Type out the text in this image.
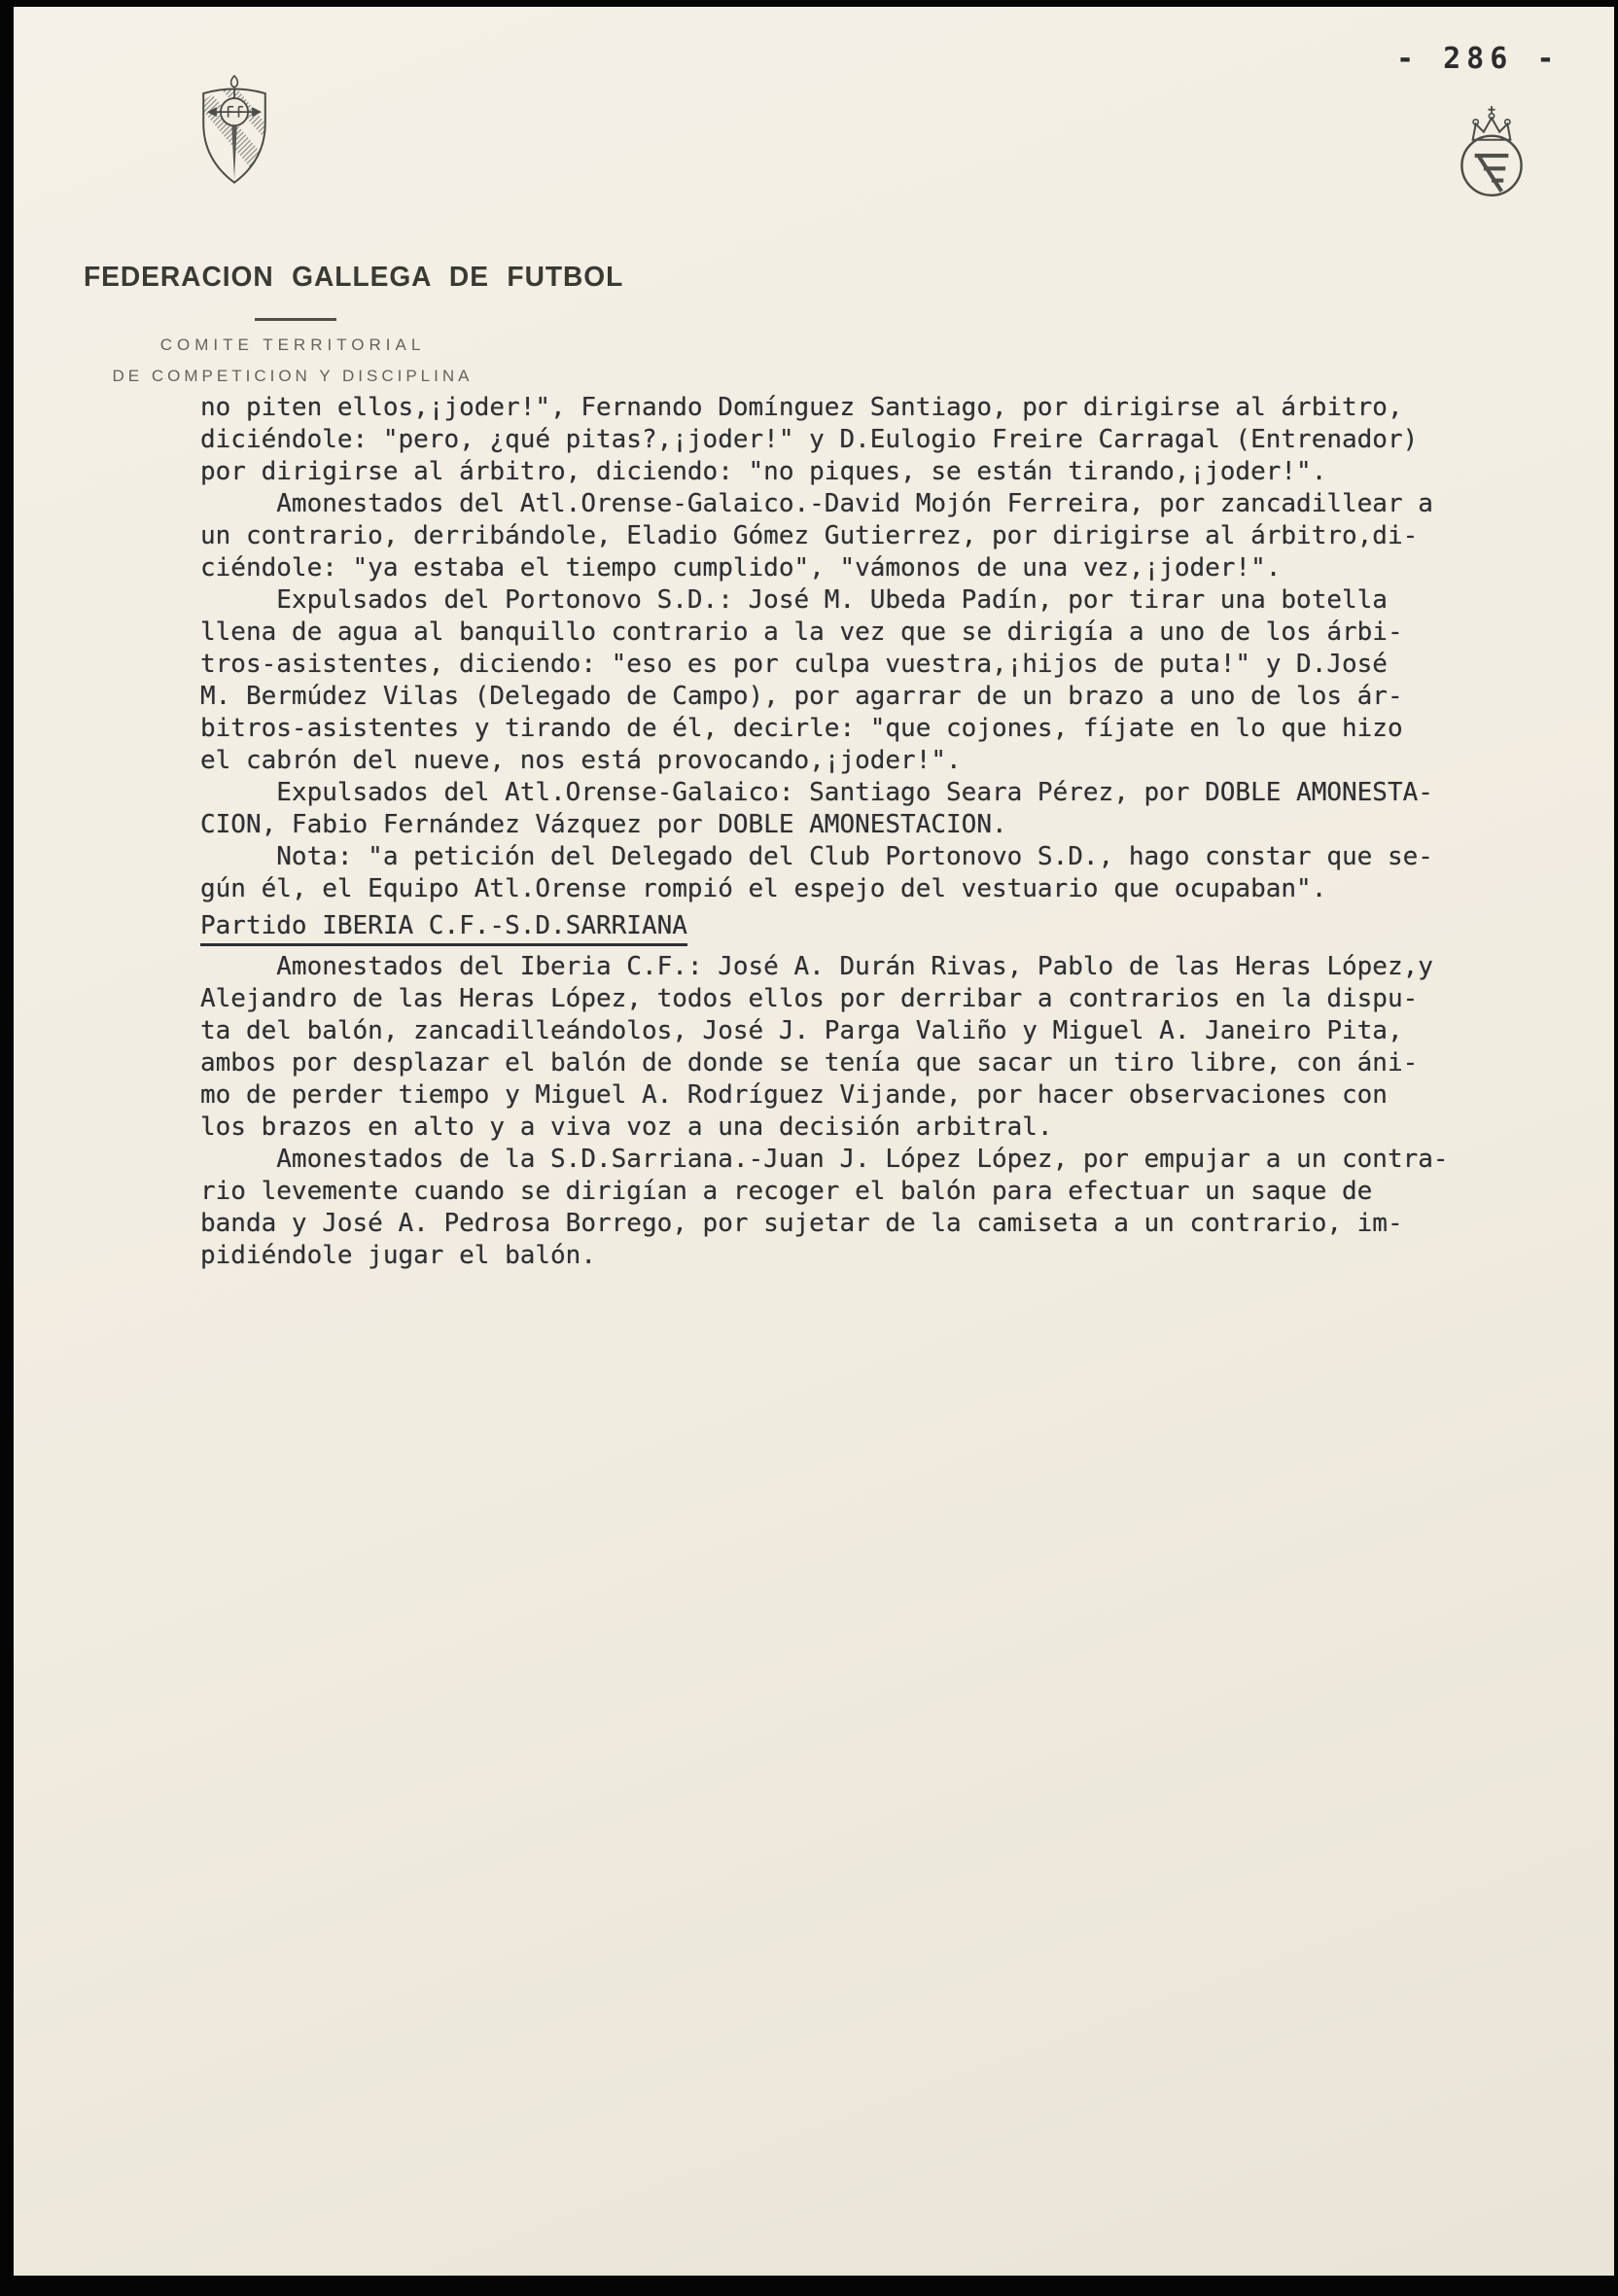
- 286 -
FEDERACION GALLEGA DE FUTBOL
COMITE TERRITORIAL
DE COMPETICION Y DISCIPLINA
no piten ellos,¡joder!", Fernando Domínguez Santiago, por dirigirse al árbitro,
diciéndole: "pero, ¿qué pitas?,¡joder!" y D.Eulogio Freire Carragal (Entrenador)
por dirigirse al árbitro, diciendo: "no piques, se están tirando,¡joder!".
Amonestados del Atl.Orense-Galaico.-David Mojón Ferreira, por zancadillear a
un contrario, derribándole, Eladio Gómez Gutierrez, por dirigirse al árbitro,di-
ciéndole: "ya estaba el tiempo cumplido", "vámonos de una vez,¡joder!".
Expulsados del Portonovo S.D.: José M. Ubeda Padín, por tirar una botella
llena de agua al banquillo contrario a la vez que se dirigía a uno de los árbi-
tros-asistentes, diciendo: "eso es por culpa vuestra,¡hijos de puta!" y D.José
M. Bermúdez Vilas (Delegado de Campo), por agarrar de un brazo a uno de los ár-
bitros-asistentes y tirando de él, decirle: "que cojones, fíjate en lo que hizo
el cabrón del nueve, nos está provocando,¡joder!".
Expulsados del Atl.Orense-Galaico: Santiago Seara Pérez, por DOBLE AMONESTA-
CION, Fabio Fernández Vázquez por DOBLE AMONESTACION.
Nota: "a petición del Delegado del Club Portonovo S.D., hago constar que se-
gún él, el Equipo Atl.Orense rompió el espejo del vestuario que ocupaban".
Partido IBERIA C.F.-S.D.SARRIANA
Amonestados del Iberia C.F.: José A. Durán Rivas, Pablo de las Heras López,y
Alejandro de las Heras López, todos ellos por derribar a contrarios en la dispu-
ta del balón, zancadilleándolos, José J. Parga Valiño y Miguel A. Janeiro Pita,
ambos por desplazar el balón de donde se tenía que sacar un tiro libre, con áni-
mo de perder tiempo y Miguel A. Rodríguez Vijande, por hacer observaciones con
los brazos en alto y a viva voz a una decisión arbitral.
Amonestados de la S.D.Sarriana.-Juan J. López López, por empujar a un contra-
rio levemente cuando se dirigían a recoger el balón para efectuar un saque de
banda y José A. Pedrosa Borrego, por sujetar de la camiseta a un contrario, im-
pidiéndole jugar el balón.
